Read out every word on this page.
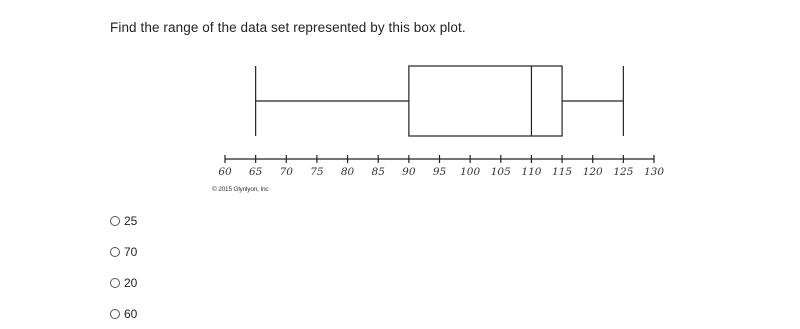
Find the range of the data set represented by this box plot.
60 65 70 75 80 85 90 95 100 105 110 115 120 125 130
© 2015 Glynlyon, Inc
25
70
20
60
